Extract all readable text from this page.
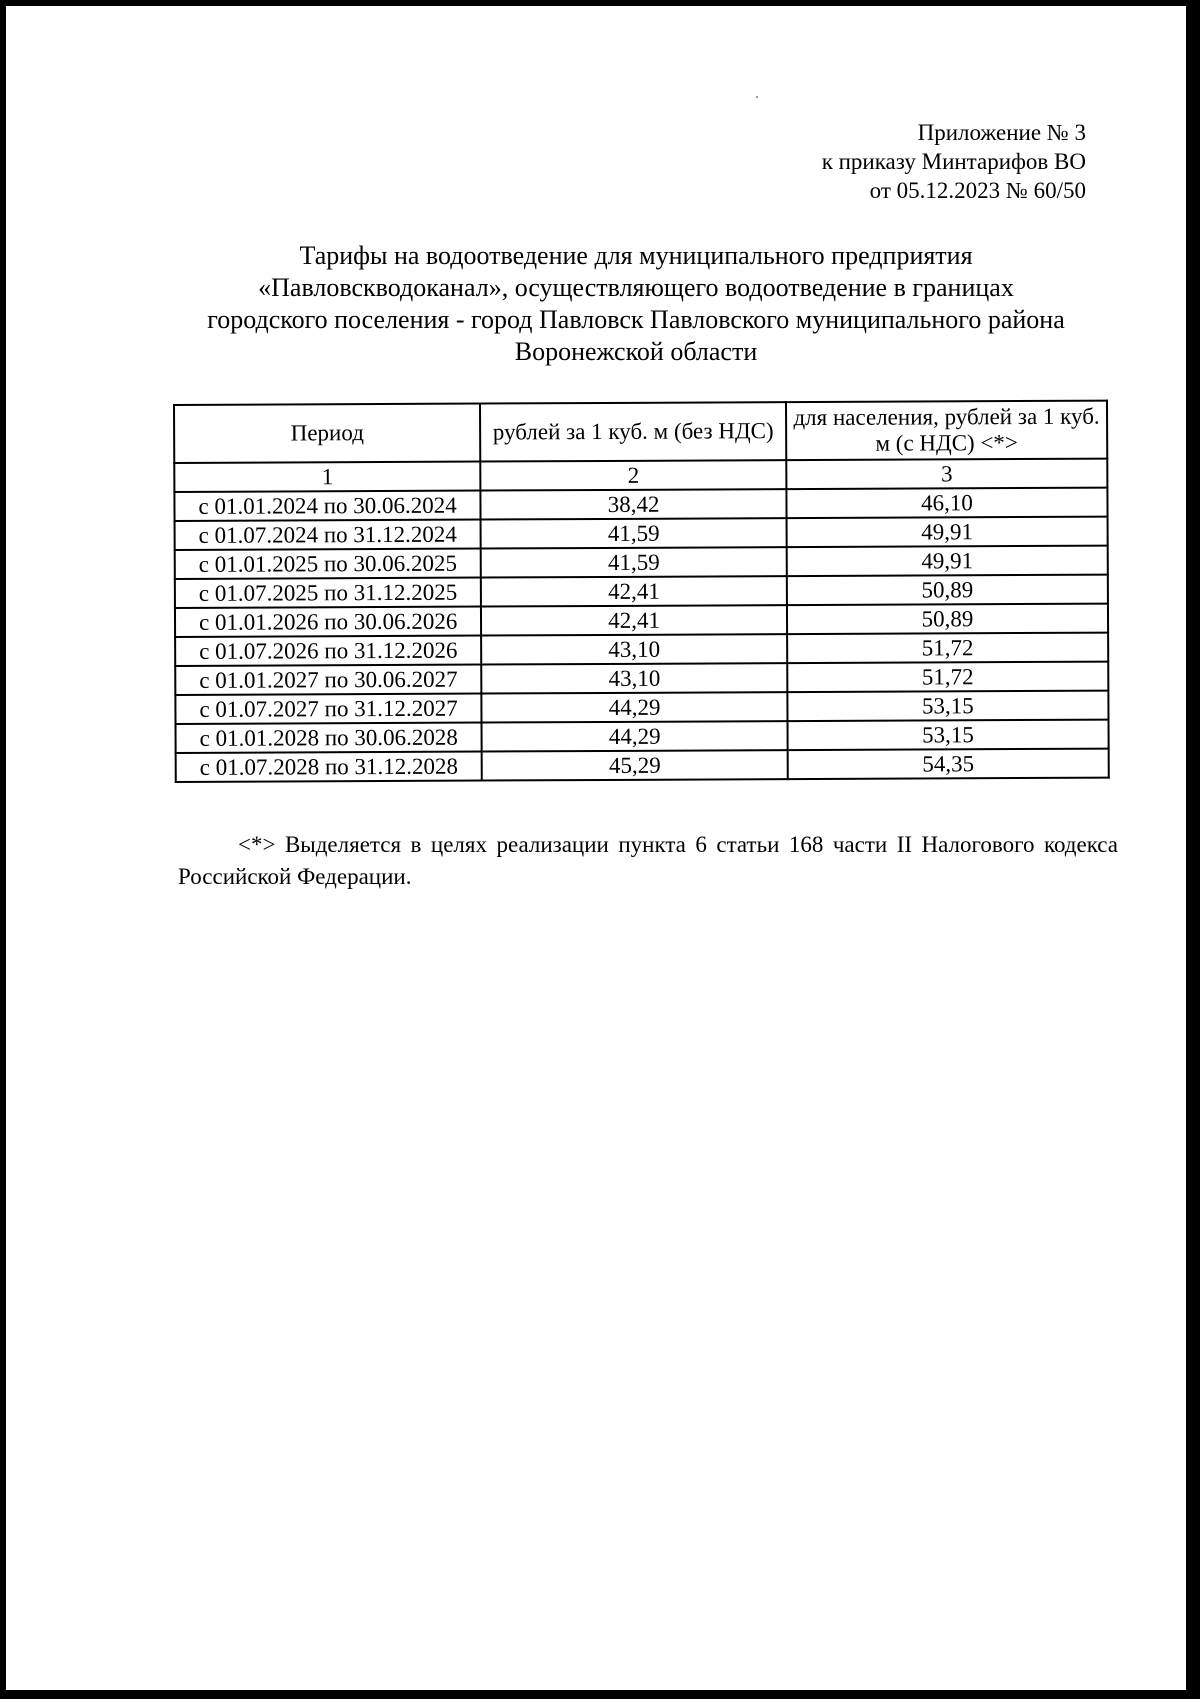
Приложение № 3
к приказу Минтарифов ВО
от 05.12.2023 № 60/50
Тарифы на водоотведение для муниципального предприятия
«Павловскводоканал», осуществляющего водоотведение в границах
городского поселения - город Павловск Павловского муниципального района
Воронежской области
Период	рублей за 1 куб. м (без НДС)	для населения, рублей за 1 куб. м (с НДС) <*>
1	2	3
с 01.01.2024 по 30.06.2024	38,42	46,10
с 01.07.2024 по 31.12.2024	41,59	49,91
с 01.01.2025 по 30.06.2025	41,59	49,91
с 01.07.2025 по 31.12.2025	42,41	50,89
с 01.01.2026 по 30.06.2026	42,41	50,89
с 01.07.2026 по 31.12.2026	43,10	51,72
с 01.01.2027 по 30.06.2027	43,10	51,72
с 01.07.2027 по 31.12.2027	44,29	53,15
с 01.01.2028 по 30.06.2028	44,29	53,15
с 01.07.2028 по 31.12.2028	45,29	54,35

<*> Выделяется в целях реализации пункта 6 статьи 168 части II Налогового кодекса Российской Федерации.
